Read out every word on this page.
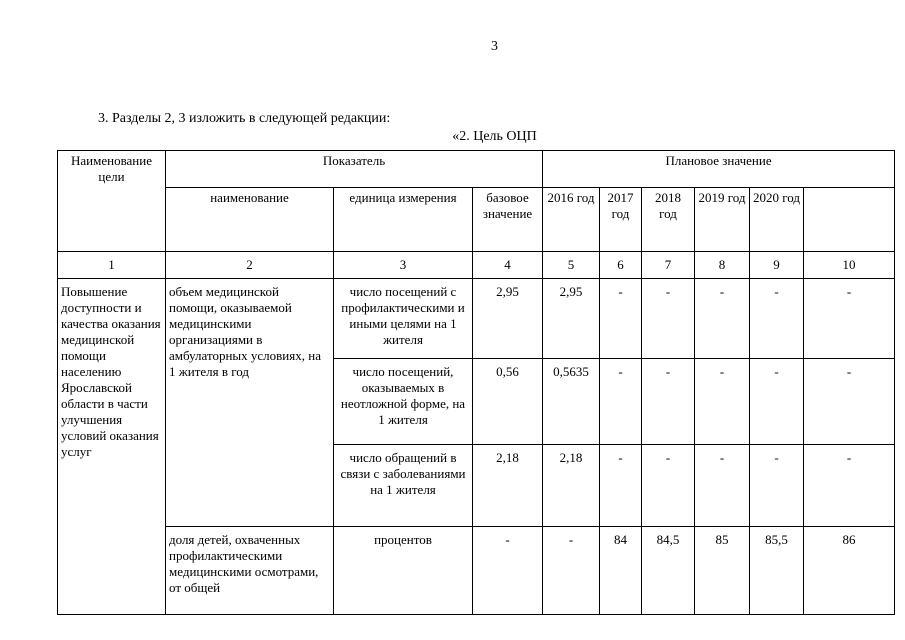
3
3. Разделы 2, 3 изложить в следующей редакции:
«2. Цель ОЦП
Наименование цели	Показатель			Плановое значение	
	наименование	единица измерения	базовое значение	2016 год	2017 год	2018 год	2019 год	2020 год		
1	2	3	4	5	6	7	8	9	10	
Повышение доступности и качества оказания медицинской помощи населению Ярославской области в части улучшения условий оказания услуг	объем медицинской помощи, оказываемой медицинскими организациями в амбулаторных условиях, на 1 жителя в год	число посещений с профилактическими и иными целями на 1 жителя	2,95	2,95	-	-	-	-	-	
		число посещений, оказываемых в неотложной форме, на 1 жителя	0,56	0,5635	-	-	-	-	-	
		число обращений в связи с заболеваниями на 1 жителя	2,18	2,18	-	-	-	-	-	
	доля детей, охваченных профилактическими медицинскими осмотрами, от общей	процентов	-	-	84	84,5	85	85,5	86	
